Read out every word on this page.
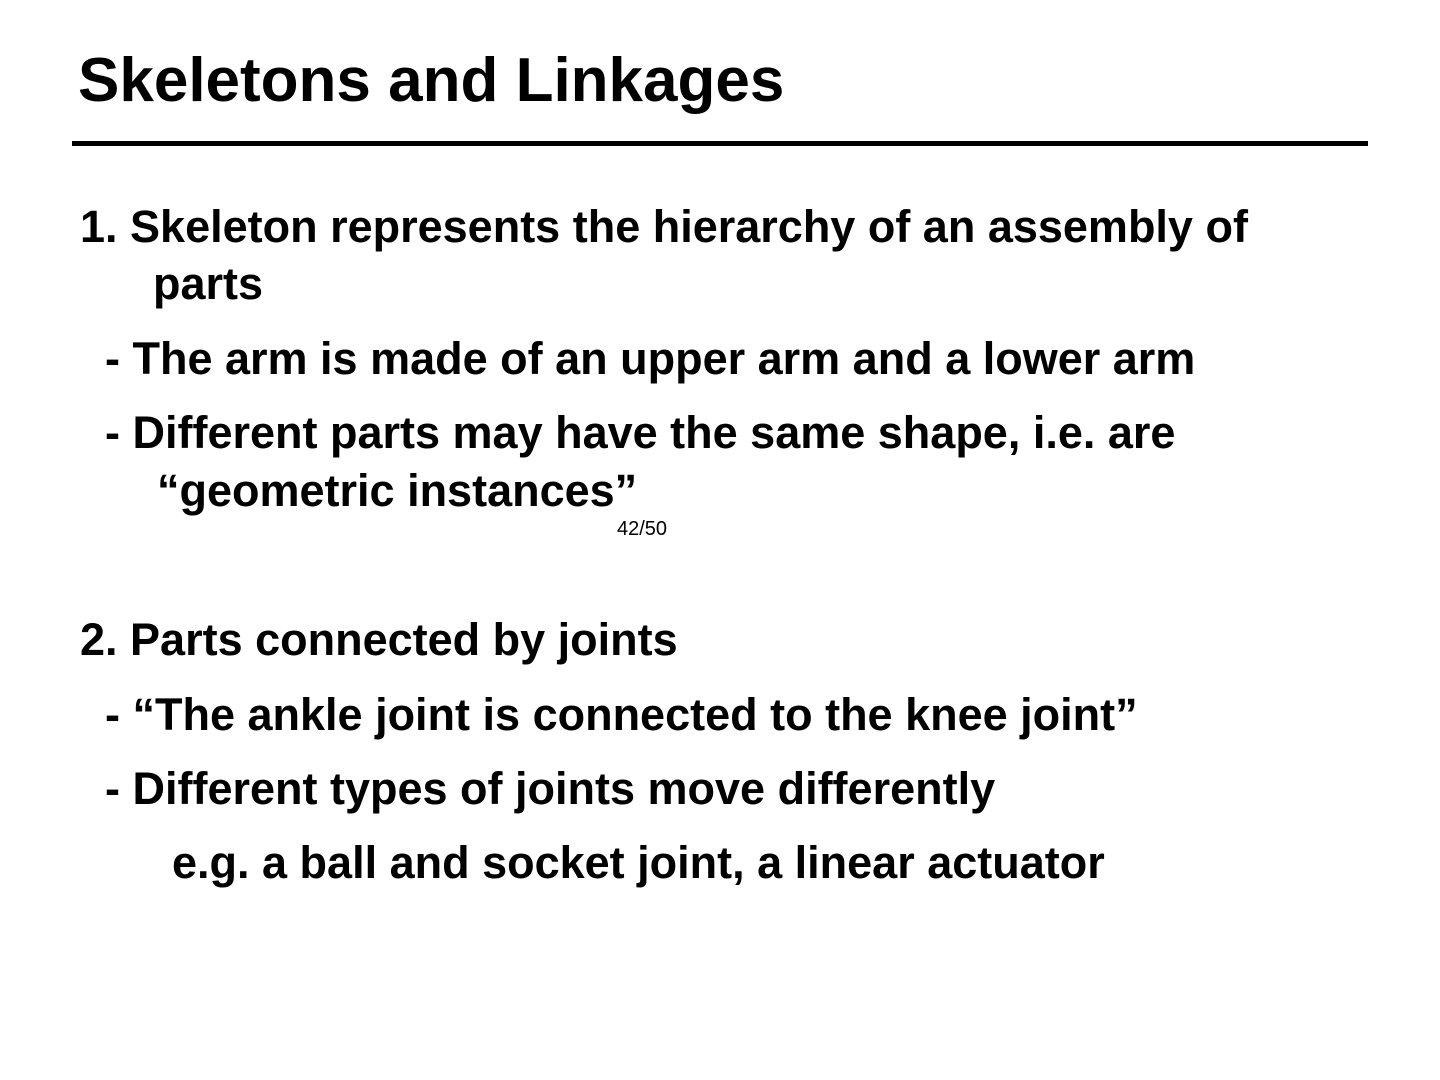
Skeletons and Linkages
1. Skeleton represents the hierarchy of an assembly of
parts
- The arm is made of an upper arm and a lower arm
- Different parts may have the same shape, i.e. are
“geometric instances”
42/50
2. Parts connected by joints
- “The ankle joint is connected to the knee joint”
- Different types of joints move differently
e.g. a ball and socket joint, a linear actuator
